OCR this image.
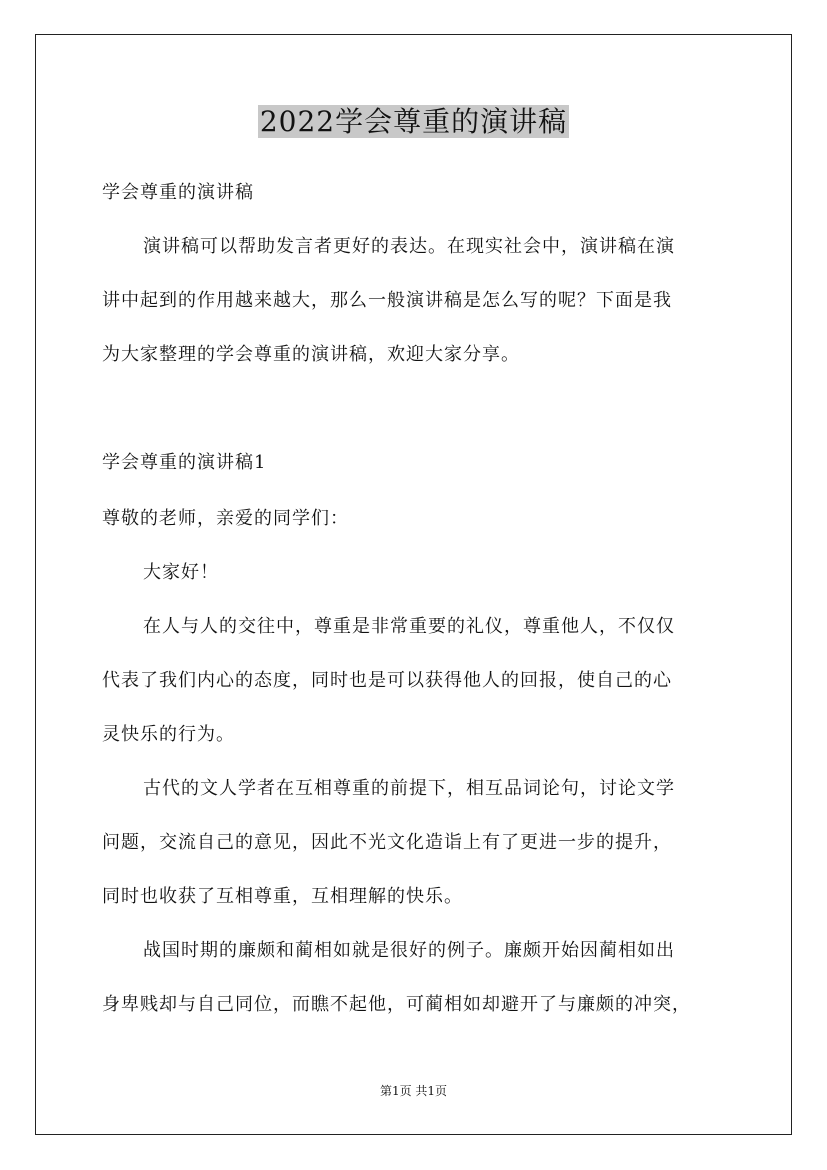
2022学会尊重的演讲稿
学会尊重的演讲稿
演讲稿可以帮助发言者更好的表达。在现实社会中，演讲稿在演
讲中起到的作用越来越大，那么一般演讲稿是怎么写的呢？下面是我
为大家整理的学会尊重的演讲稿，欢迎大家分享。
学会尊重的演讲稿1
尊敬的老师，亲爱的同学们：
大家好！
在人与人的交往中，尊重是非常重要的礼仪，尊重他人，不仅仅
代表了我们内心的态度，同时也是可以获得他人的回报，使自己的心
灵快乐的行为。
古代的文人学者在互相尊重的前提下，相互品词论句，讨论文学
问题，交流自己的意见，因此不光文化造诣上有了更进一步的提升，
同时也收获了互相尊重，互相理解的快乐。
战国时期的廉颇和蔺相如就是很好的例子。廉颇开始因蔺相如出
身卑贱却与自己同位，而瞧不起他，可蔺相如却避开了与廉颇的冲突，
第1页 共1页
